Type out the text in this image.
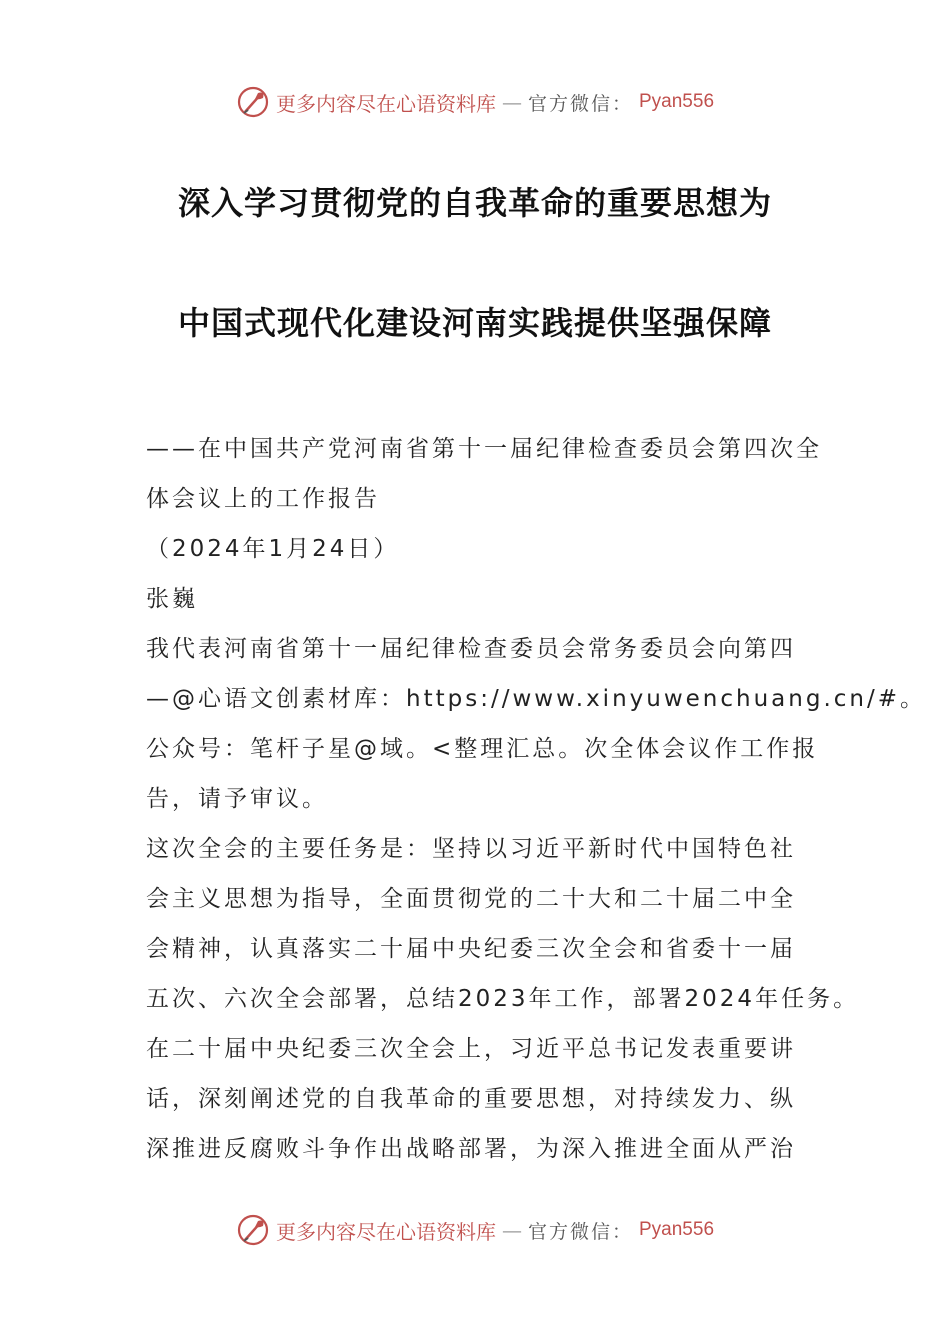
更多内容尽在心语资料库 — 官方微信： Pyan556
深入学习贯彻党的自我革命的重要思想为
中国式现代化建设河南实践提供坚强保障
——在中国共产党河南省第十一届纪律检查委员会第四次全
体会议上的工作报告
（2024年1月24日）
张巍
我代表河南省第十一届纪律检查委员会常务委员会向第四
—@心语文创素材库：https://www.xinyuwenchuang.cn/#。
公众号：笔杆子星@域。<整理汇总。次全体会议作工作报
告，请予审议。
这次全会的主要任务是：坚持以习近平新时代中国特色社
会主义思想为指导，全面贯彻党的二十大和二十届二中全
会精神，认真落实二十届中央纪委三次全会和省委十一届
五次、六次全会部署，总结2023年工作，部署2024年任务。
在二十届中央纪委三次全会上，习近平总书记发表重要讲
话，深刻阐述党的自我革命的重要思想，对持续发力、纵
深推进反腐败斗争作出战略部署，为深入推进全面从严治
更多内容尽在心语资料库 — 官方微信： Pyan556
